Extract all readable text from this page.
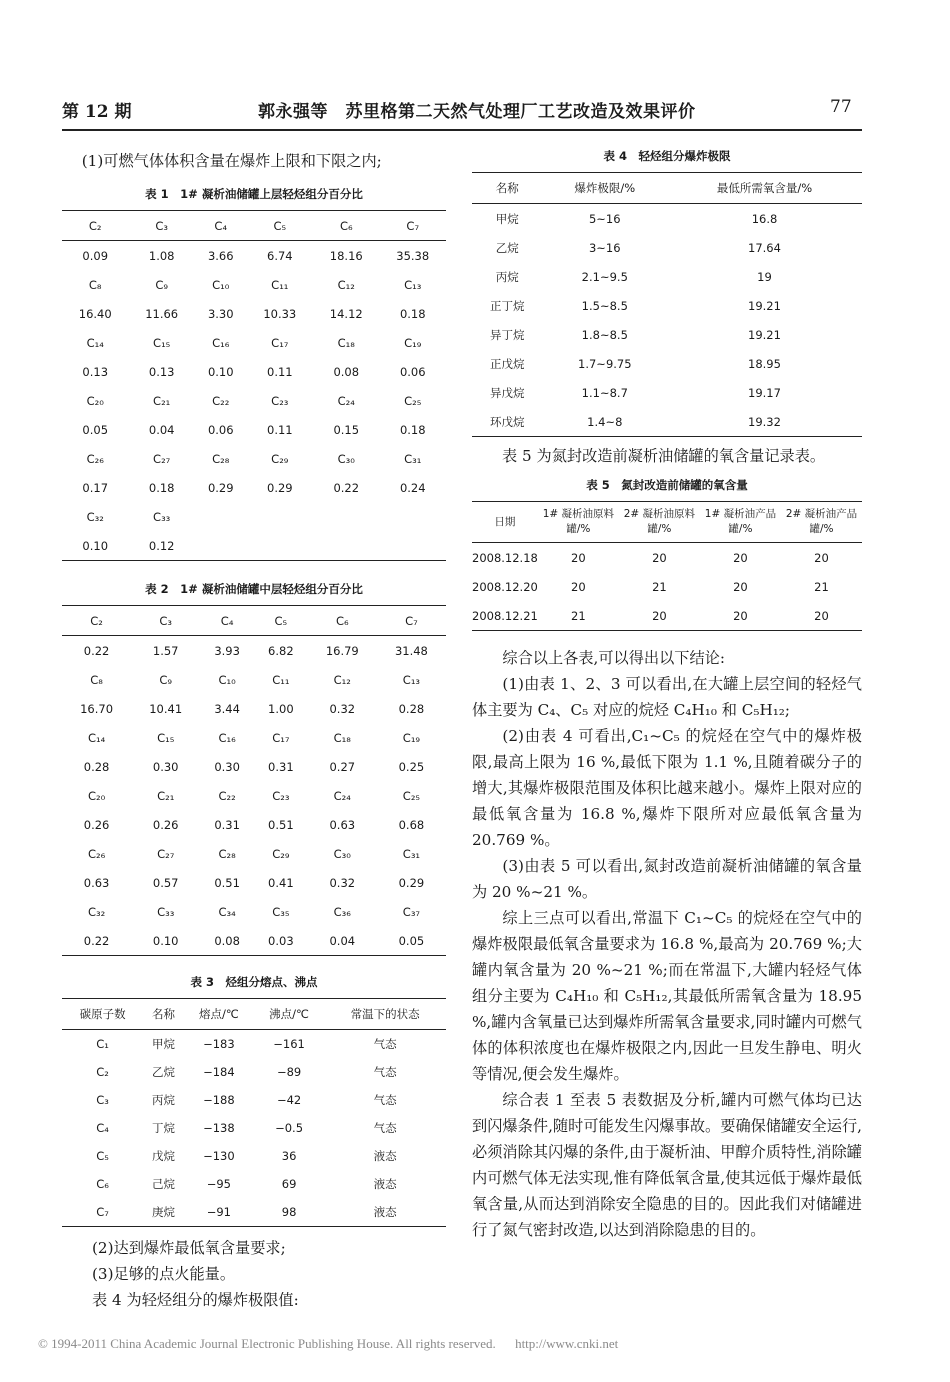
第 12 期	郭永强等　苏里格第二天然气处理厂工艺改造及效果评价	77
(1)可燃气体体积含量在爆炸上限和下限之内;
表 1　1# 凝析油储罐上层轻烃组分百分比
C₂	C₃	C₄	C₅	C₆	C₇
0.09	1.08	3.66	6.74	18.16	35.38
C₈	C₉	C₁₀	C₁₁	C₁₂	C₁₃
16.40	11.66	3.30	10.33	14.12	0.18
C₁₄	C₁₅	C₁₆	C₁₇	C₁₈	C₁₉
0.13	0.13	0.10	0.11	0.08	0.06
C₂₀	C₂₁	C₂₂	C₂₃	C₂₄	C₂₅
0.05	0.04	0.06	0.11	0.15	0.18
C₂₆	C₂₇	C₂₈	C₂₉	C₃₀	C₃₁
0.17	0.18	0.29	0.29	0.22	0.24
C₃₂	C₃₃				
0.10	0.12				
表 2　1# 凝析油储罐中层轻烃组分百分比
C₂	C₃	C₄	C₅	C₆	C₇
0.22	1.57	3.93	6.82	16.79	31.48
C₈	C₉	C₁₀	C₁₁	C₁₂	C₁₃
16.70	10.41	3.44	1.00	0.32	0.28
C₁₄	C₁₅	C₁₆	C₁₇	C₁₈	C₁₉
0.28	0.30	0.30	0.31	0.27	0.25
C₂₀	C₂₁	C₂₂	C₂₃	C₂₄	C₂₅
0.26	0.26	0.31	0.51	0.63	0.68
C₂₆	C₂₇	C₂₈	C₂₉	C₃₀	C₃₁
0.63	0.57	0.51	0.41	0.32	0.29
C₃₂	C₃₃	C₃₄	C₃₅	C₃₆	C₃₇
0.22	0.10	0.08	0.03	0.04	0.05
表 3　烃组分熔点、沸点
碳原子数	名称	熔点/℃	沸点/℃	常温下的状态
C₁	甲烷	−183	−161	气态
C₂	乙烷	−184	−89	气态
C₃	丙烷	−188	−42	气态
C₄	丁烷	−138	−0.5	气态
C₅	戊烷	−130	36	液态
C₆	己烷	−95	69	液态
C₇	庚烷	−91	98	液态
(2)达到爆炸最低氧含量要求;
(3)足够的点火能量。
表 4 为轻烃组分的爆炸极限值:
表 4　轻烃组分爆炸极限
名称	爆炸极限/%	最低所需氧含量/%
甲烷	5~16	16.8
乙烷	3~16	17.64
丙烷	2.1~9.5	19
正丁烷	1.5~8.5	19.21
异丁烷	1.8~8.5	19.21
正戊烷	1.7~9.75	18.95
异戊烷	1.1~8.7	19.17
环戊烷	1.4~8	19.32
表 5 为氮封改造前凝析油储罐的氧含量记录表。
表 5　氮封改造前储罐的氧含量
日期	1# 凝析油原料罐/%	2# 凝析油原料罐/%	1# 凝析油产品罐/%	2# 凝析油产品罐/%
2008.12.18	20	20	20	20
2008.12.20	20	21	20	21
2008.12.21	21	20	20	20
综合以上各表,可以得出以下结论:
(1)由表 1、2、3 可以看出,在大罐上层空间的轻烃气体主要为 C₄、C₅ 对应的烷烃 C₄H₁₀ 和 C₅H₁₂;
(2)由表 4 可看出,C₁~C₅ 的烷烃在空气中的爆炸极限,最高上限为 16 %,最低下限为 1.1 %,且随着碳分子的增大,其爆炸极限范围及体积比越来越小。爆炸上限对应的最低氧含量为 16.8 %,爆炸下限所对应最低氧含量为 20.769 %。
(3)由表 5 可以看出,氮封改造前凝析油储罐的氧含量为 20 %~21 %。
综上三点可以看出,常温下 C₁~C₅ 的烷烃在空气中的爆炸极限最低氧含量要求为 16.8 %,最高为 20.769 %;大罐内氧含量为 20 %~21 %;而在常温下,大罐内轻烃气体组分主要为 C₄H₁₀ 和 C₅H₁₂,其最低所需氧含量为 18.95 %,罐内含氧量已达到爆炸所需氧含量要求,同时罐内可燃气体的体积浓度也在爆炸极限之内,因此一旦发生静电、明火等情况,便会发生爆炸。
综合表 1 至表 5 表数据及分析,罐内可燃气体均已达到闪爆条件,随时可能发生闪爆事故。要确保储罐安全运行,必须消除其闪爆的条件,由于凝析油、甲醇介质特性,消除罐内可燃气体无法实现,惟有降低氧含量,使其远低于爆炸最低氧含量,从而达到消除安全隐患的目的。因此我们对储罐进行了氮气密封改造,以达到消除隐患的目的。
© 1994-2011 China Academic Journal Electronic Publishing House. All rights reserved. http://www.cnki.net
